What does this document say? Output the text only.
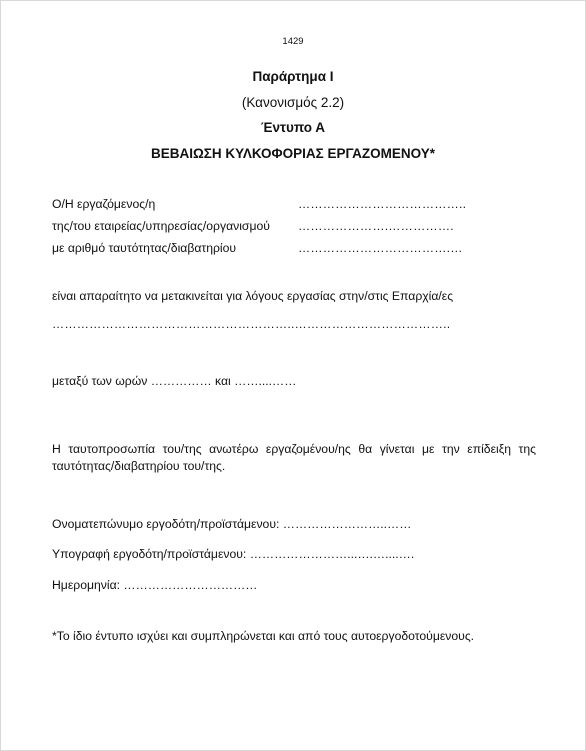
1429
Παράρτημα Ι
(Κανονισμός 2.2)
Έντυπο Α
ΒΕΒΑΙΩΣΗ ΚΥΛΚΟΦΟΡΙΑΣ ΕΡΓΑΖΟΜΕΝΟΥ*
Ο/Η εργαζόμενος/η	…………………………………..
της/του εταιρείας/υπηρεσίας/οργανισμού ………………….…………….
με αριθμό ταυτότητας/διαβατηρίου	……………………………….…
είναι απαραίτητο να μετακινείται για λόγους εργασίας στην/στις Επαρχία/ες
…………………………………………………..………………………………..
μεταξύ των ωρών …………… και ……....……
Η ταυτοπροσωπία του/της ανωτέρω εργαζομένου/ης θα γίνεται με την επίδειξη της ταυτότητας/διαβατηρίου του/της.
Ονοματεπώνυμο εργοδότη/προϊστάμενου: ……………………..……
Υπογραφή εργοδότη/προϊστάμενου: ……………………...….…....….
Ημερομηνία: ……………………………
*Το ίδιο έντυπο ισχύει και συμπληρώνεται και από τους αυτοεργοδοτούμενους.
